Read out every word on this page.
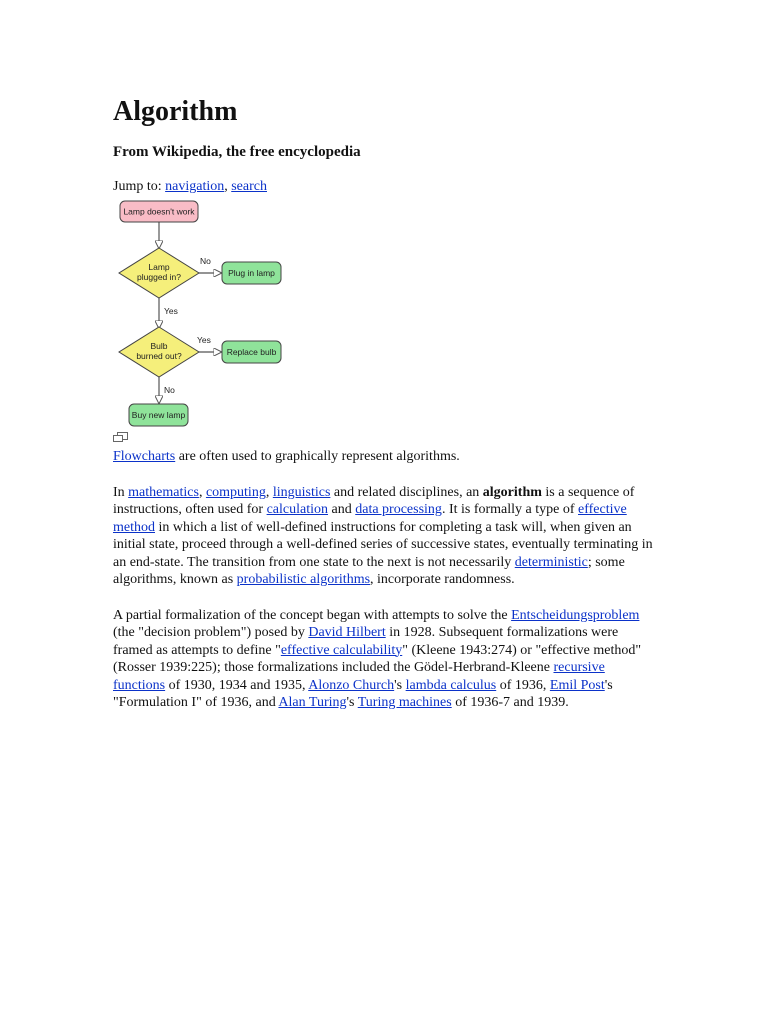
Algorithm
From Wikipedia, the free encyclopedia
Jump to: navigation, search
Lamp doesn't work
Lamp
plugged in?
No
Plug in lamp
Yes
Bulb
burned out?
Yes
Replace bulb
No
Buy new lamp

Flowcharts are often used to graphically represent algorithms.

In mathematics, computing, linguistics and related disciplines, an algorithm is a sequence of instructions, often used for calculation and data processing. It is formally a type of effective method in which a list of well-defined instructions for completing a task will, when given an initial state, proceed through a well-defined series of successive states, eventually terminating in an end-state. The transition from one state to the next is not necessarily deterministic; some algorithms, known as probabilistic algorithms, incorporate randomness.

A partial formalization of the concept began with attempts to solve the Entscheidungsproblem (the "decision problem") posed by David Hilbert in 1928. Subsequent formalizations were framed as attempts to define "effective calculability" (Kleene 1943:274) or "effective method" (Rosser 1939:225); those formalizations included the Gödel-Herbrand-Kleene recursive functions of 1930, 1934 and 1935, Alonzo Church's lambda calculus of 1936, Emil Post's "Formulation I" of 1936, and Alan Turing's Turing machines of 1936-7 and 1939.
